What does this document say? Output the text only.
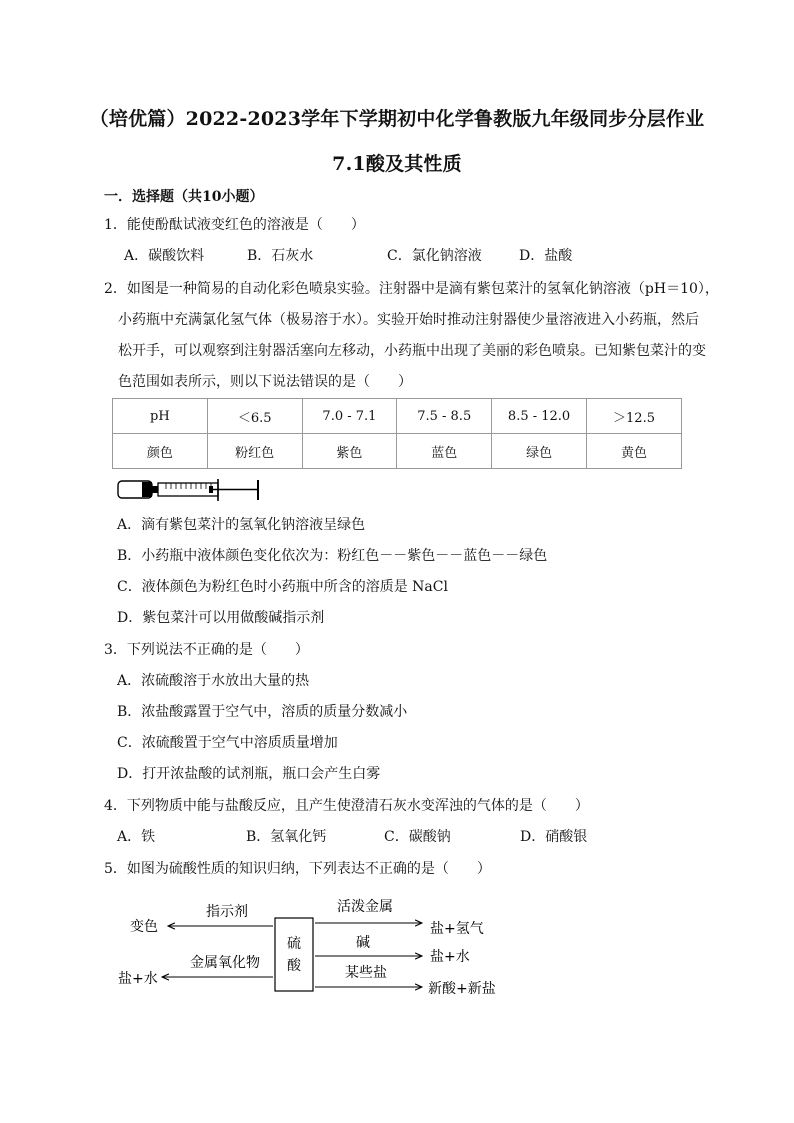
（培优篇）2022-2023学年下学期初中化学鲁教版九年级同步分层作业
7.1酸及其性质
一．选择题（共10小题）
1．能使酚酞试液变红色的溶液是（　　）
A．碳酸饮料	B．石灰水	C．氯化钠溶液	D．盐酸
2．如图是一种简易的自动化彩色喷泉实验。注射器中是滴有紫包菜汁的氢氧化钠溶液（pH＝10），
小药瓶中充满氯化氢气体（极易溶于水）。实验开始时推动注射器使少量溶液进入小药瓶，然后
松开手，可以观察到注射器活塞向左移动，小药瓶中出现了美丽的彩色喷泉。已知紫包菜汁的变
色范围如表所示，则以下说法错误的是（　　）
pH	＜6.5	7.0 - 7.1	7.5 - 8.5	8.5 - 12.0	＞12.5
颜色	粉红色	紫色	蓝色	绿色	黄色
A．滴有紫包菜汁的氢氧化钠溶液呈绿色
B．小药瓶中液体颜色变化依次为：粉红色－－紫色－－蓝色－－绿色
C．液体颜色为粉红色时小药瓶中所含的溶质是 NaCl
D．紫包菜汁可以用做酸碱指示剂
3．下列说法不正确的是（　　）
A．浓硫酸溶于水放出大量的热
B．浓盐酸露置于空气中，溶质的质量分数减小
C．浓硫酸置于空气中溶质质量增加
D．打开浓盐酸的试剂瓶，瓶口会产生白雾
4．下列物质中能与盐酸反应，且产生使澄清石灰水变浑浊的气体的是（　　）
A．铁	B．氢氧化钙	C．碳酸钠	D．硝酸银
5．如图为硫酸性质的知识归纳，下列表达不正确的是（　　）
硫
酸
指示剂
变色
金属氧化物
盐+水
活泼金属
盐+氢气
碱
盐+水
某些盐
新酸+新盐
